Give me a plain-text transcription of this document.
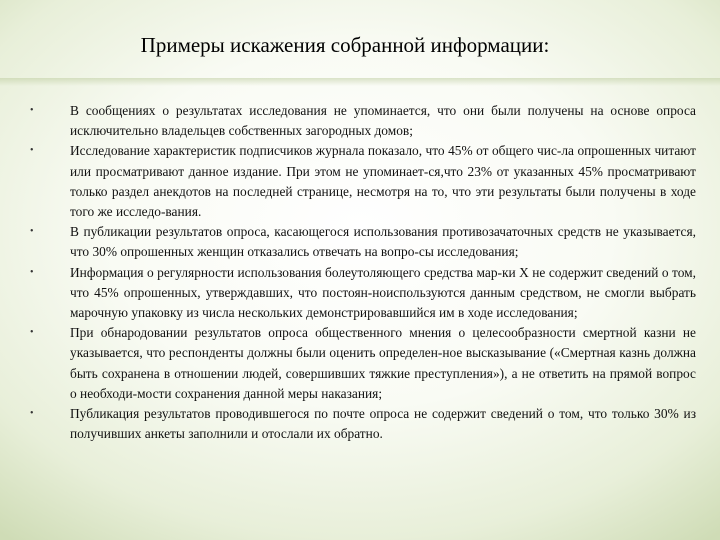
Примеры искажения собранной информации:
•	В сообщениях о результатах исследования не упоминается, что они были получены на основе опроса исключительно владельцев собственных загородных домов;
•	Исследование характеристик подписчиков журнала показало, что 45% от общего чис-ла опрошенных читают или просматривают данное издание. При этом не упоминает-ся,что 23% от указанных 45% просматривают только раздел анекдотов на последней странице, несмотря на то, что эти результаты были получены в ходе того же исследо-вания.
•	В публикации результатов опроса, касающегося использования противозачаточных средств не указывается, что 30% опрошенных женщин отказались отвечать на вопро-сы исследования;
•	Информация о регулярности использования болеутоляющего средства мар-ки Х не содержит сведений о том, что 45% опрошенных, утверждавших, что постоян-ноиспользуются данным средством, не смогли выбрать марочную упаковку из числа нескольких демонстрировавшийся им в ходе исследования;
•	При обнародовании результатов опроса общественного мнения о целесообразности смертной казни не указывается, что респонденты должны были оценить определен-ное высказывание («Смертная казнь должна быть сохранена в отношении людей, совершивших тяжкие преступления»), а не ответить на прямой вопрос о необходи-мости сохранения данной меры наказания;
•	Публикация результатов проводившегося по почте опроса не содержит сведений о том, что только 30% из получивших анкеты заполнили и отослали их обратно.
